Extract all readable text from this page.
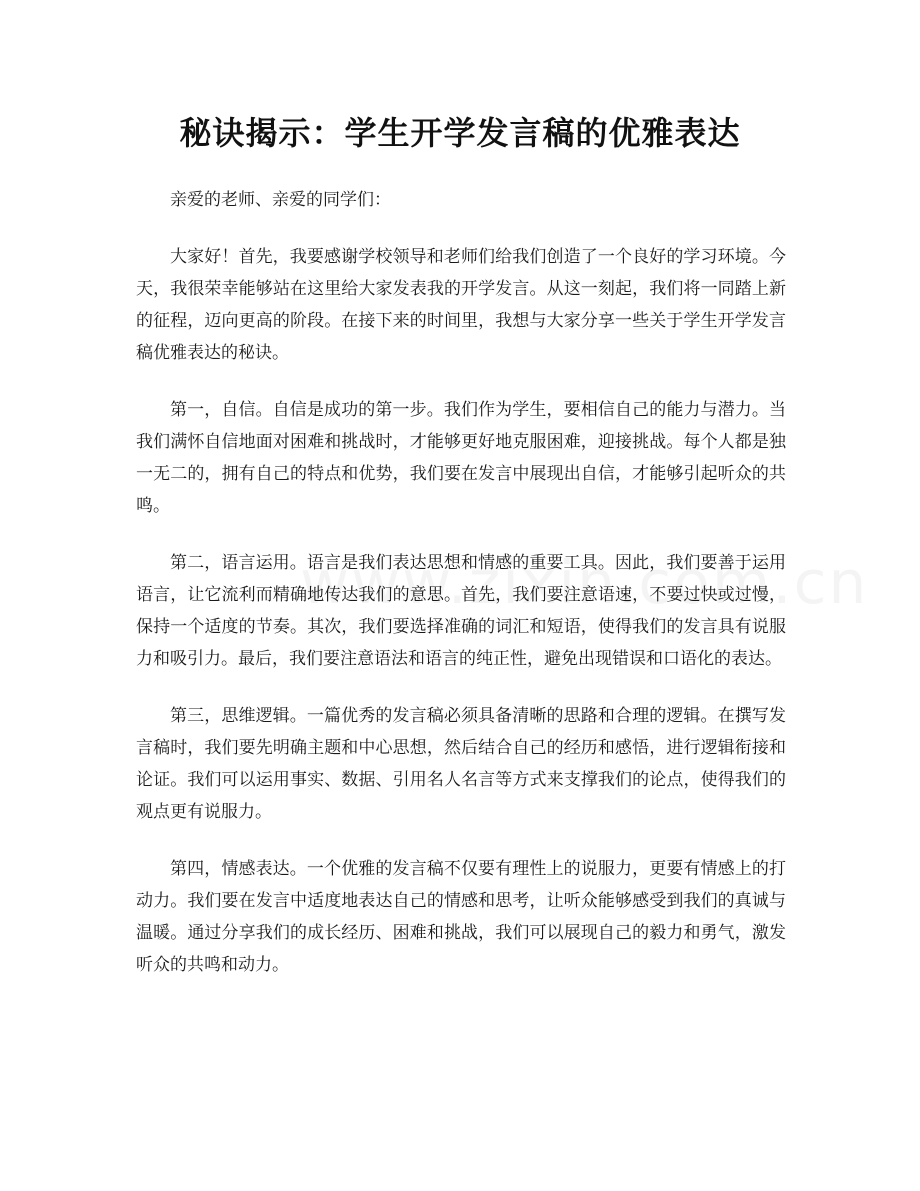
秘诀揭示：学生开学发言稿的优雅表达

亲爱的老师、亲爱的同学们：

大家好！首先，我要感谢学校领导和老师们给我们创造了一个良好的学习环境。今天，我很荣幸能够站在这里给大家发表我的开学发言。从这一刻起，我们将一同踏上新的征程，迈向更高的阶段。在接下来的时间里，我想与大家分享一些关于学生开学发言稿优雅表达的秘诀。

第一，自信。自信是成功的第一步。我们作为学生，要相信自己的能力与潜力。当我们满怀自信地面对困难和挑战时，才能够更好地克服困难，迎接挑战。每个人都是独一无二的，拥有自己的特点和优势，我们要在发言中展现出自信，才能够引起听众的共鸣。

第二，语言运用。语言是我们表达思想和情感的重要工具。因此，我们要善于运用语言，让它流利而精确地传达我们的意思。首先，我们要注意语速，不要过快或过慢，保持一个适度的节奏。其次，我们要选择准确的词汇和短语，使得我们的发言具有说服力和吸引力。最后，我们要注意语法和语言的纯正性，避免出现错误和口语化的表达。

第三，思维逻辑。一篇优秀的发言稿必须具备清晰的思路和合理的逻辑。在撰写发言稿时，我们要先明确主题和中心思想，然后结合自己的经历和感悟，进行逻辑衔接和论证。我们可以运用事实、数据、引用名人名言等方式来支撑我们的论点，使得我们的观点更有说服力。

第四，情感表达。一个优雅的发言稿不仅要有理性上的说服力，更要有情感上的打动力。我们要在发言中适度地表达自己的情感和思考，让听众能够感受到我们的真诚与温暖。通过分享我们的成长经历、困难和挑战，我们可以展现自己的毅力和勇气，激发听众的共鸣和动力。
